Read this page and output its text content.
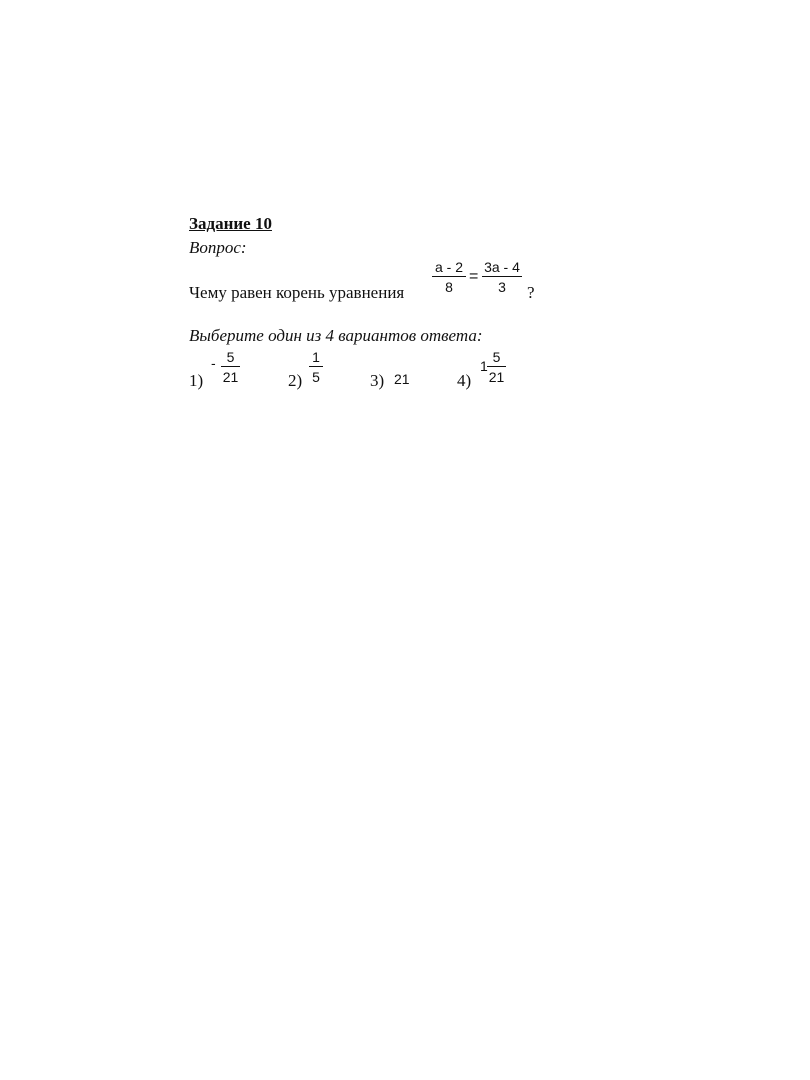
Задание 10
Вопрос:
Чему равен корень уравнения
a - 2
8
=
3a - 4
3	?
Выберите один из 4 вариантов ответа:
1)
- 5
21	2)
1
5	3) 21	4)
1
5
21
